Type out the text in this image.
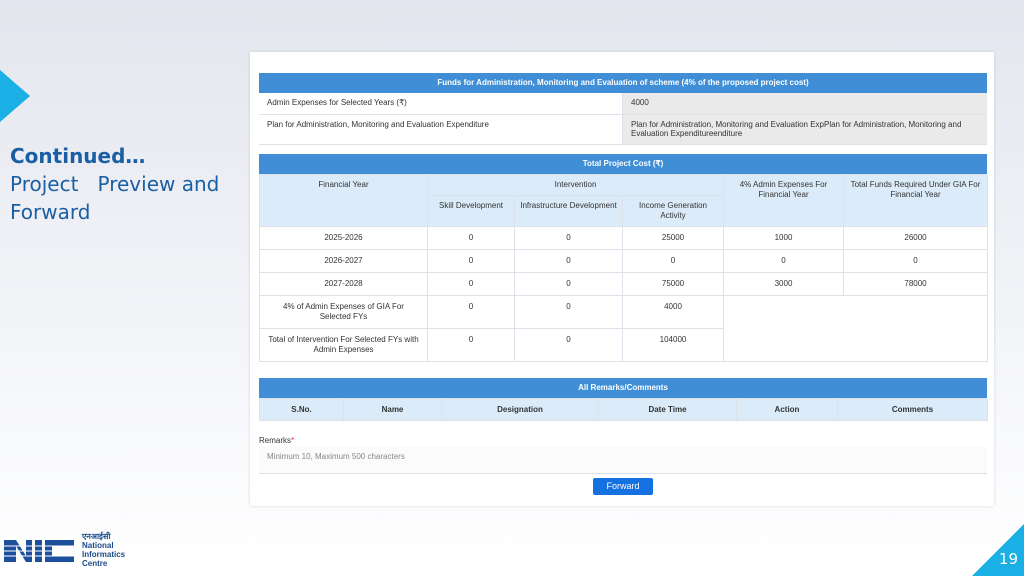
Continued…
Project   Preview and Forward
Funds for Administration, Monitoring and Evaluation of scheme (4% of the proposed project cost)
Admin Expenses for Selected Years (₹)	4000
Plan for Administration, Monitoring and Evaluation Expenditure	Plan for Administration, Monitoring and Evaluation ExpPlan for Administration, Monitoring and Evaluation Expenditureenditure
Total Project Cost (₹)
Financial Year	Intervention			4% Admin Expenses For Financial Year	Total Funds Required Under GIA For Financial Year
	Skill Development	Infrastructure Development	Income Generation Activity		
2025-2026	0	0	25000	1000	26000
2026-2027	0	0	0	0	0
2027-2028	0	0	75000	3000	78000
4% of Admin Expenses of GIA For Selected FYs	0	0	4000		
Total of Intervention For Selected FYs with Admin Expenses	0	0	104000		
All Remarks/Comments
S.No.	Name	Designation	Date Time	Action	Comments
Remarks*
Minimum 10, Maximum 500 characters
Forward
एनआईसी
National
Informatics
Centre	19
